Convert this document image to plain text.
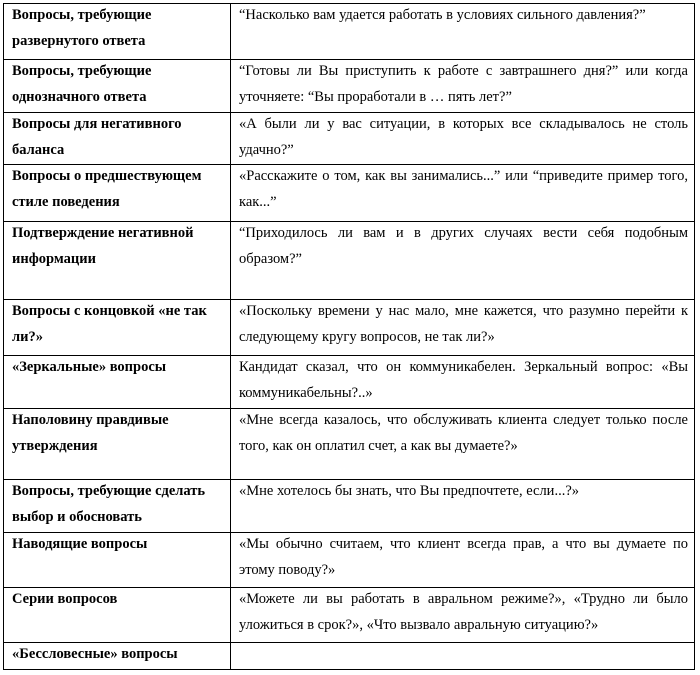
Вопросы, требующие развернутого ответа	“Насколько вам удается работать в условиях сильного давления?”

Вопросы, требующие однозначного ответа	“Готовы ли Вы приступить к работе с завтрашнего дня?” или когда уточняете: “Вы проработали в … пять лет?”

Вопросы для негативного баланса	«А были ли у вас ситуации, в которых все складывалось не столь удачно?”

Вопросы о предшествующем стиле поведения	«Расскажите о том, как вы занимались...” или “приведите пример того, как...”

Подтверждение негативной информации	“Приходилось ли вам и в других случаях вести себя подобным образом?”

Вопросы с концовкой «не так ли?»	«Поскольку времени у нас мало, мне кажется, что разумно перейти к следующему кругу вопросов, не так ли?»

«Зеркальные» вопросы	Кандидат сказал, что он коммуникабелен. Зеркальный вопрос: «Вы коммуникабельны?..»

Наполовину правдивые утверждения	«Мне всегда казалось, что обслуживать клиента следует только после того, как он оплатил счет, а как вы думаете?»

Вопросы, требующие сделать выбор и обосновать	«Мне хотелось бы знать, что Вы предпочтете, если...?»

Наводящие вопросы	«Мы обычно считаем, что клиент всегда прав, а что вы думаете по этому поводу?»

Серии вопросов	«Можете ли вы работать в авральном режиме?», «Трудно ли было уложиться в срок?», «Что вызвало авральную ситуацию?»

«Бессловесные» вопросы	
